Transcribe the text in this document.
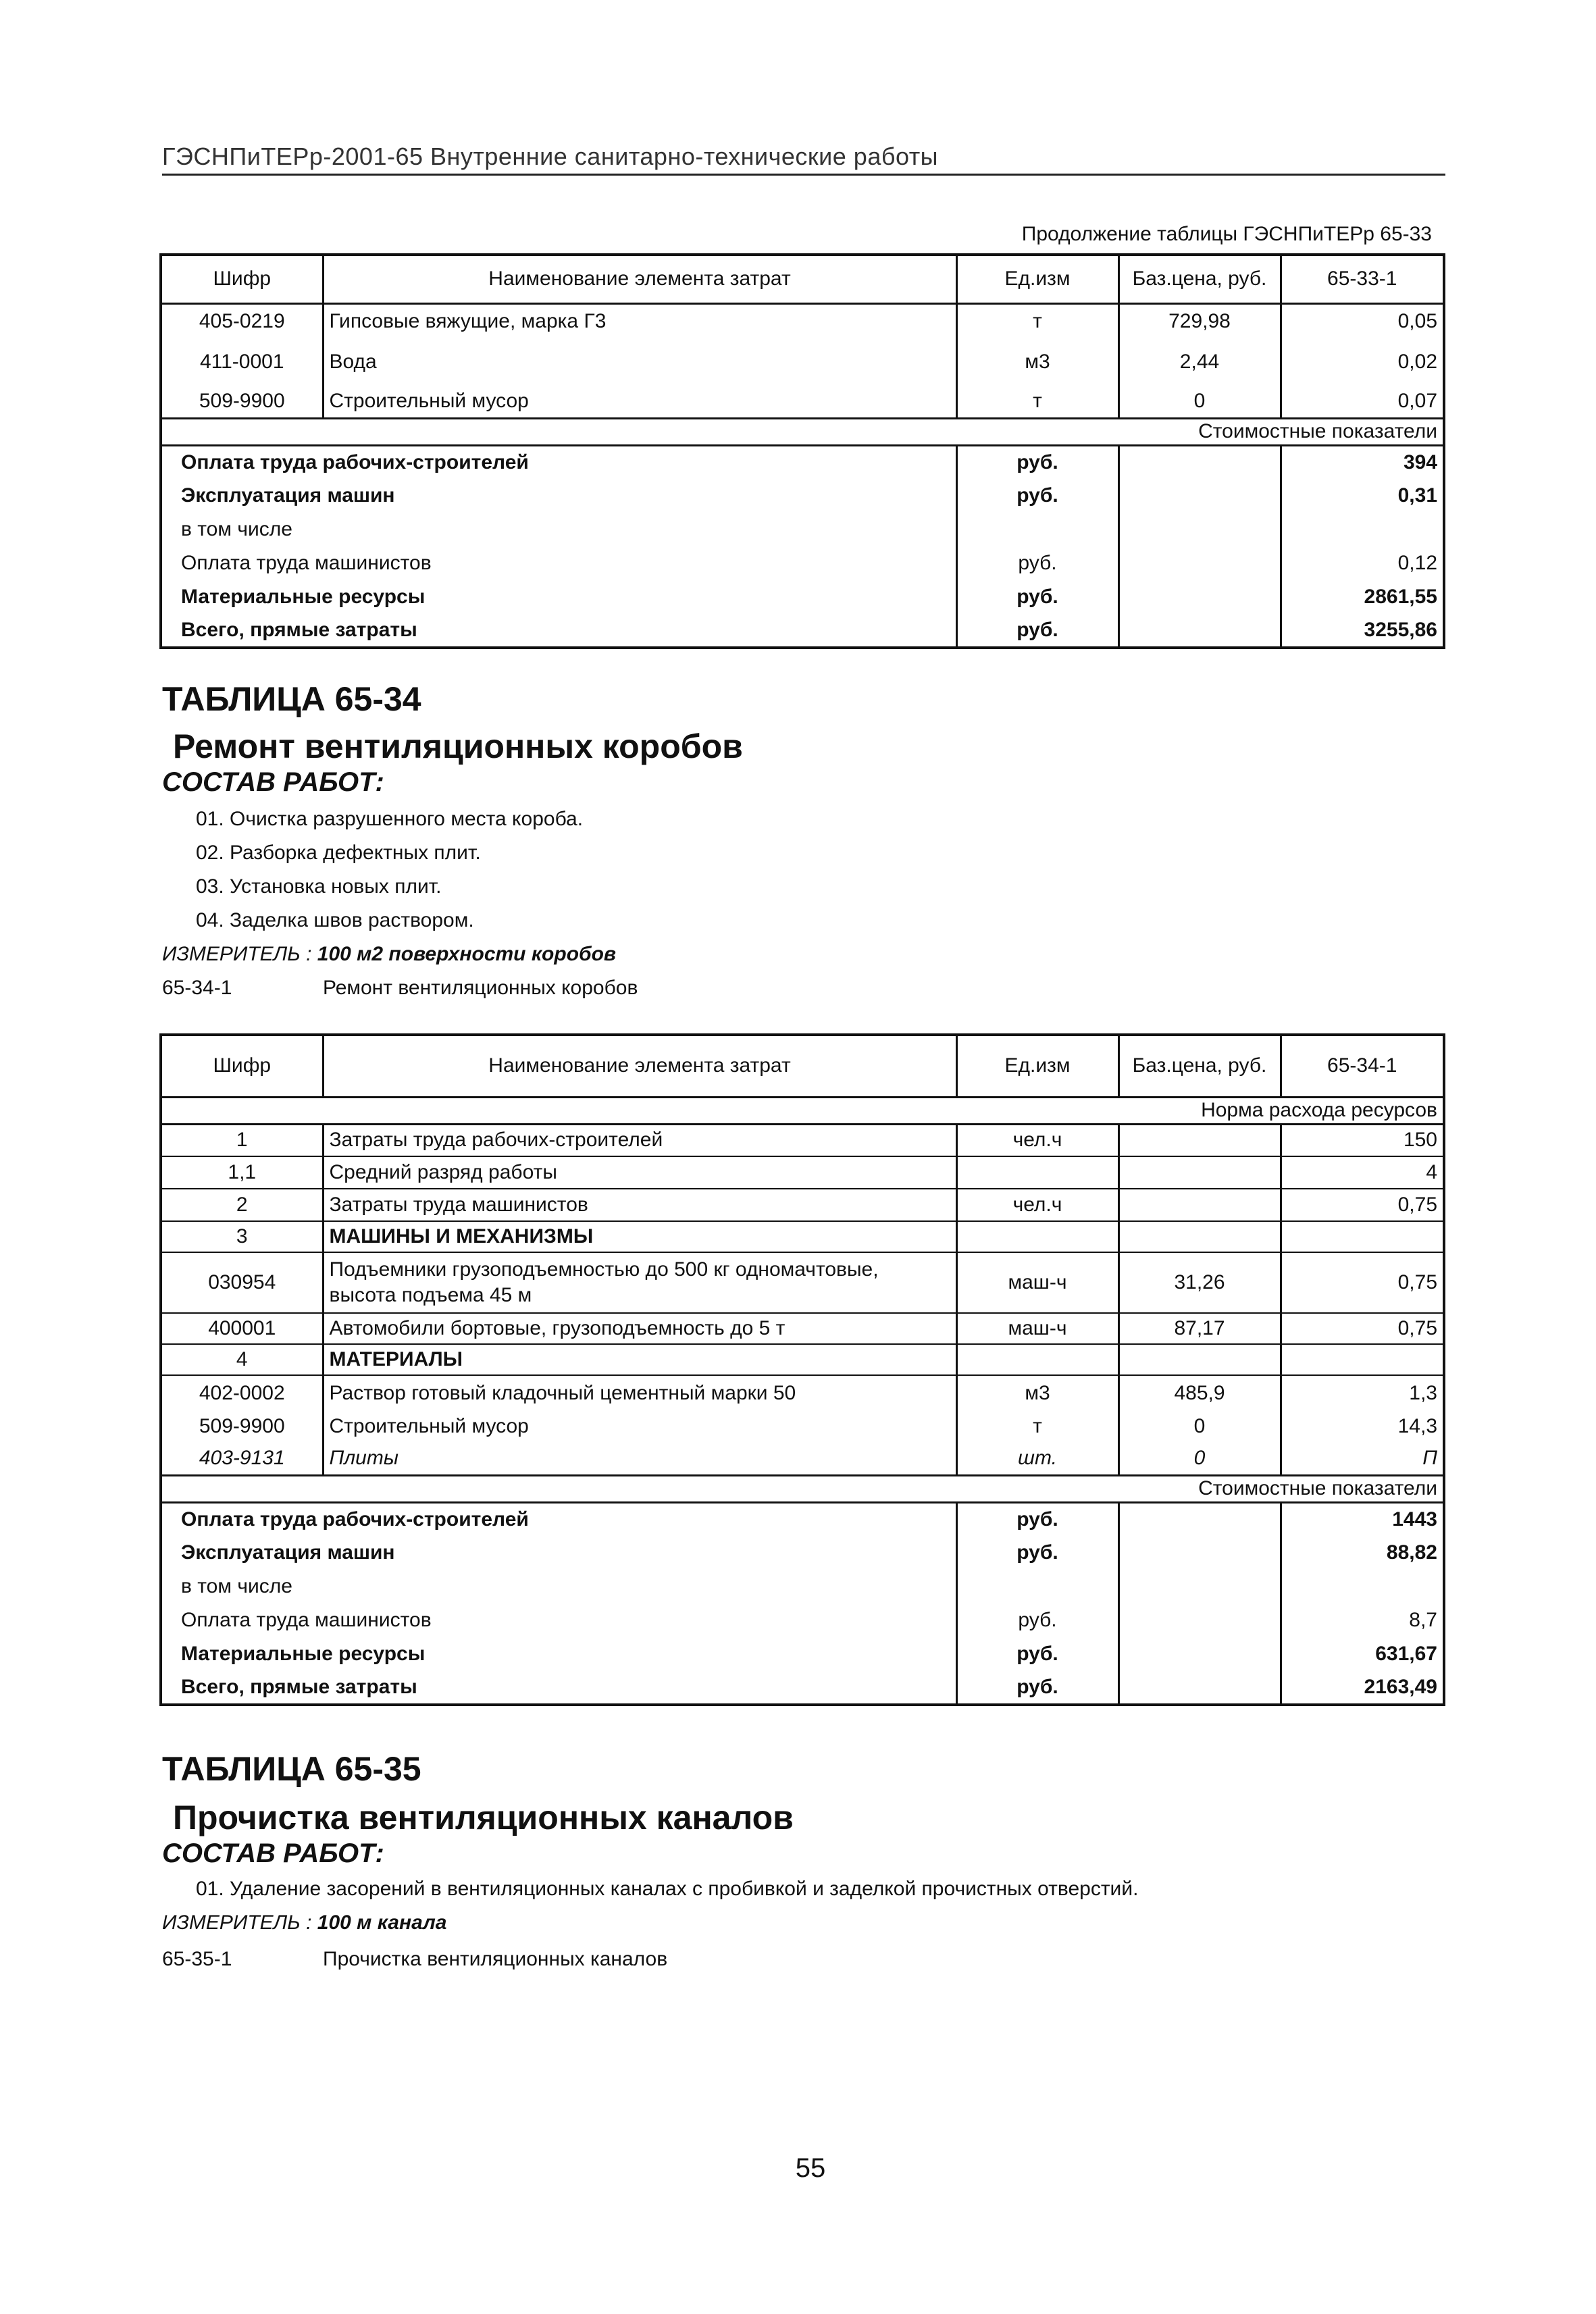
ГЭСНПиТЕРр-2001-65 Внутренние санитарно-технические работы
Продолжение таблицы ГЭСНПиТЕРр 65-33
Шифр	Наименование элемента затрат	Ед.изм	Баз.цена, руб.	65-33-1
405-0219	Гипсовые вяжущие, марка Г3	т	729,98	0,05
411-0001	Вода	м3	2,44	0,02
509-9900	Строительный мусор	т	0	0,07
Стоимостные показатели				
Оплата труда рабочих-строителей		руб.		394
Эксплуатация машин		руб.		0,31
в том числе				
Оплата труда машинистов		руб.		0,12
Материальные ресурсы		руб.		2861,55
Всего, прямые затраты		руб.		3255,86
ТАБЛИЦА 65-34
Ремонт вентиляционных коробов
СОСТАВ РАБОТ:
01. Очистка разрушенного места короба.
02. Разборка дефектных плит.
03. Установка новых плит.
04. Заделка швов раствором.
ИЗМЕРИТЕЛЬ : 100 м2 поверхности коробов
65-34-1	Ремонт вентиляционных коробов
Шифр	Наименование элемента затрат	Ед.изм	Баз.цена, руб.	65-34-1
Норма расхода ресурсов				
1	Затраты труда рабочих-строителей	чел.ч		150
1,1	Средний разряд работы			4
2	Затраты труда машинистов	чел.ч		0,75
3	МАШИНЫ И МЕХАНИЗМЫ			
030954	Подъемники грузоподъемностью до 500 кг одномачтовые, высота подъема 45 м	маш-ч	31,26	0,75
400001	Автомобили бортовые, грузоподъемность до 5 т	маш-ч	87,17	0,75
4	МАТЕРИАЛЫ			
402-0002	Раствор готовый кладочный цементный марки 50	м3	485,9	1,3
509-9900	Строительный мусор	т	0	14,3
403-9131	Плиты	шт.	0	П
Стоимостные показатели				
Оплата труда рабочих-строителей		руб.		1443
Эксплуатация машин		руб.		88,82
в том числе				
Оплата труда машинистов		руб.		8,7
Материальные ресурсы		руб.		631,67
Всего, прямые затраты		руб.		2163,49
ТАБЛИЦА 65-35
Прочистка вентиляционных каналов
СОСТАВ РАБОТ:
01. Удаление засорений в вентиляционных каналах с пробивкой и заделкой прочистных отверстий.
ИЗМЕРИТЕЛЬ : 100 м канала
65-35-1	Прочистка вентиляционных каналов
55
